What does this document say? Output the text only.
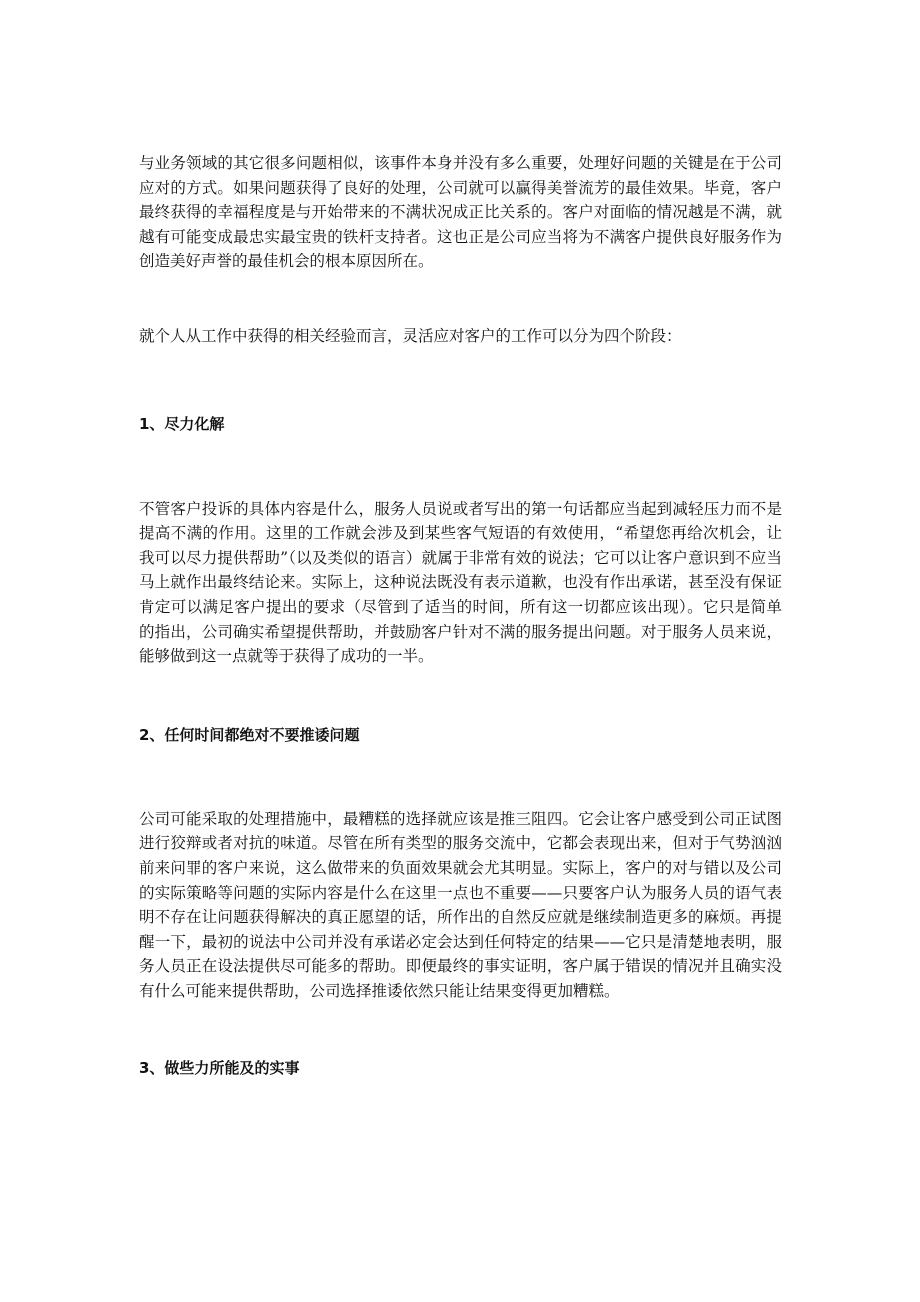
与业务领域的其它很多问题相似，该事件本身并没有多么重要，处理好问题的关键是在于公司应对的方式。如果问题获得了良好的处理，公司就可以赢得美誉流芳的最佳效果。毕竟，客户最终获得的幸福程度是与开始带来的不满状况成正比关系的。客户对面临的情况越是不满，就越有可能变成最忠实最宝贵的铁杆支持者。这也正是公司应当将为不满客户提供良好服务作为创造美好声誉的最佳机会的根本原因所在。

就个人从工作中获得的相关经验而言，灵活应对客户的工作可以分为四个阶段：

1、尽力化解

不管客户投诉的具体内容是什么，服务人员说或者写出的第一句话都应当起到减轻压力而不是提高不满的作用。这里的工作就会涉及到某些客气短语的有效使用，“希望您再给次机会，让我可以尽力提供帮助”（以及类似的语言）就属于非常有效的说法；它可以让客户意识到不应当马上就作出最终结论来。实际上，这种说法既没有表示道歉，也没有作出承诺，甚至没有保证肯定可以满足客户提出的要求（尽管到了适当的时间，所有这一切都应该出现）。它只是简单的指出，公司确实希望提供帮助，并鼓励客户针对不满的服务提出问题。对于服务人员来说，能够做到这一点就等于获得了成功的一半。

2、任何时间都绝对不要推诿问题

公司可能采取的处理措施中，最糟糕的选择就应该是推三阻四。它会让客户感受到公司正试图进行狡辩或者对抗的味道。尽管在所有类型的服务交流中，它都会表现出来，但对于气势汹汹前来问罪的客户来说，这么做带来的负面效果就会尤其明显。实际上，客户的对与错以及公司的实际策略等问题的实际内容是什么在这里一点也不重要——只要客户认为服务人员的语气表明不存在让问题获得解决的真正愿望的话，所作出的自然反应就是继续制造更多的麻烦。再提醒一下，最初的说法中公司并没有承诺必定会达到任何特定的结果——它只是清楚地表明，服务人员正在设法提供尽可能多的帮助。即便最终的事实证明，客户属于错误的情况并且确实没有什么可能来提供帮助，公司选择推诿依然只能让结果变得更加糟糕。

3、做些力所能及的实事
